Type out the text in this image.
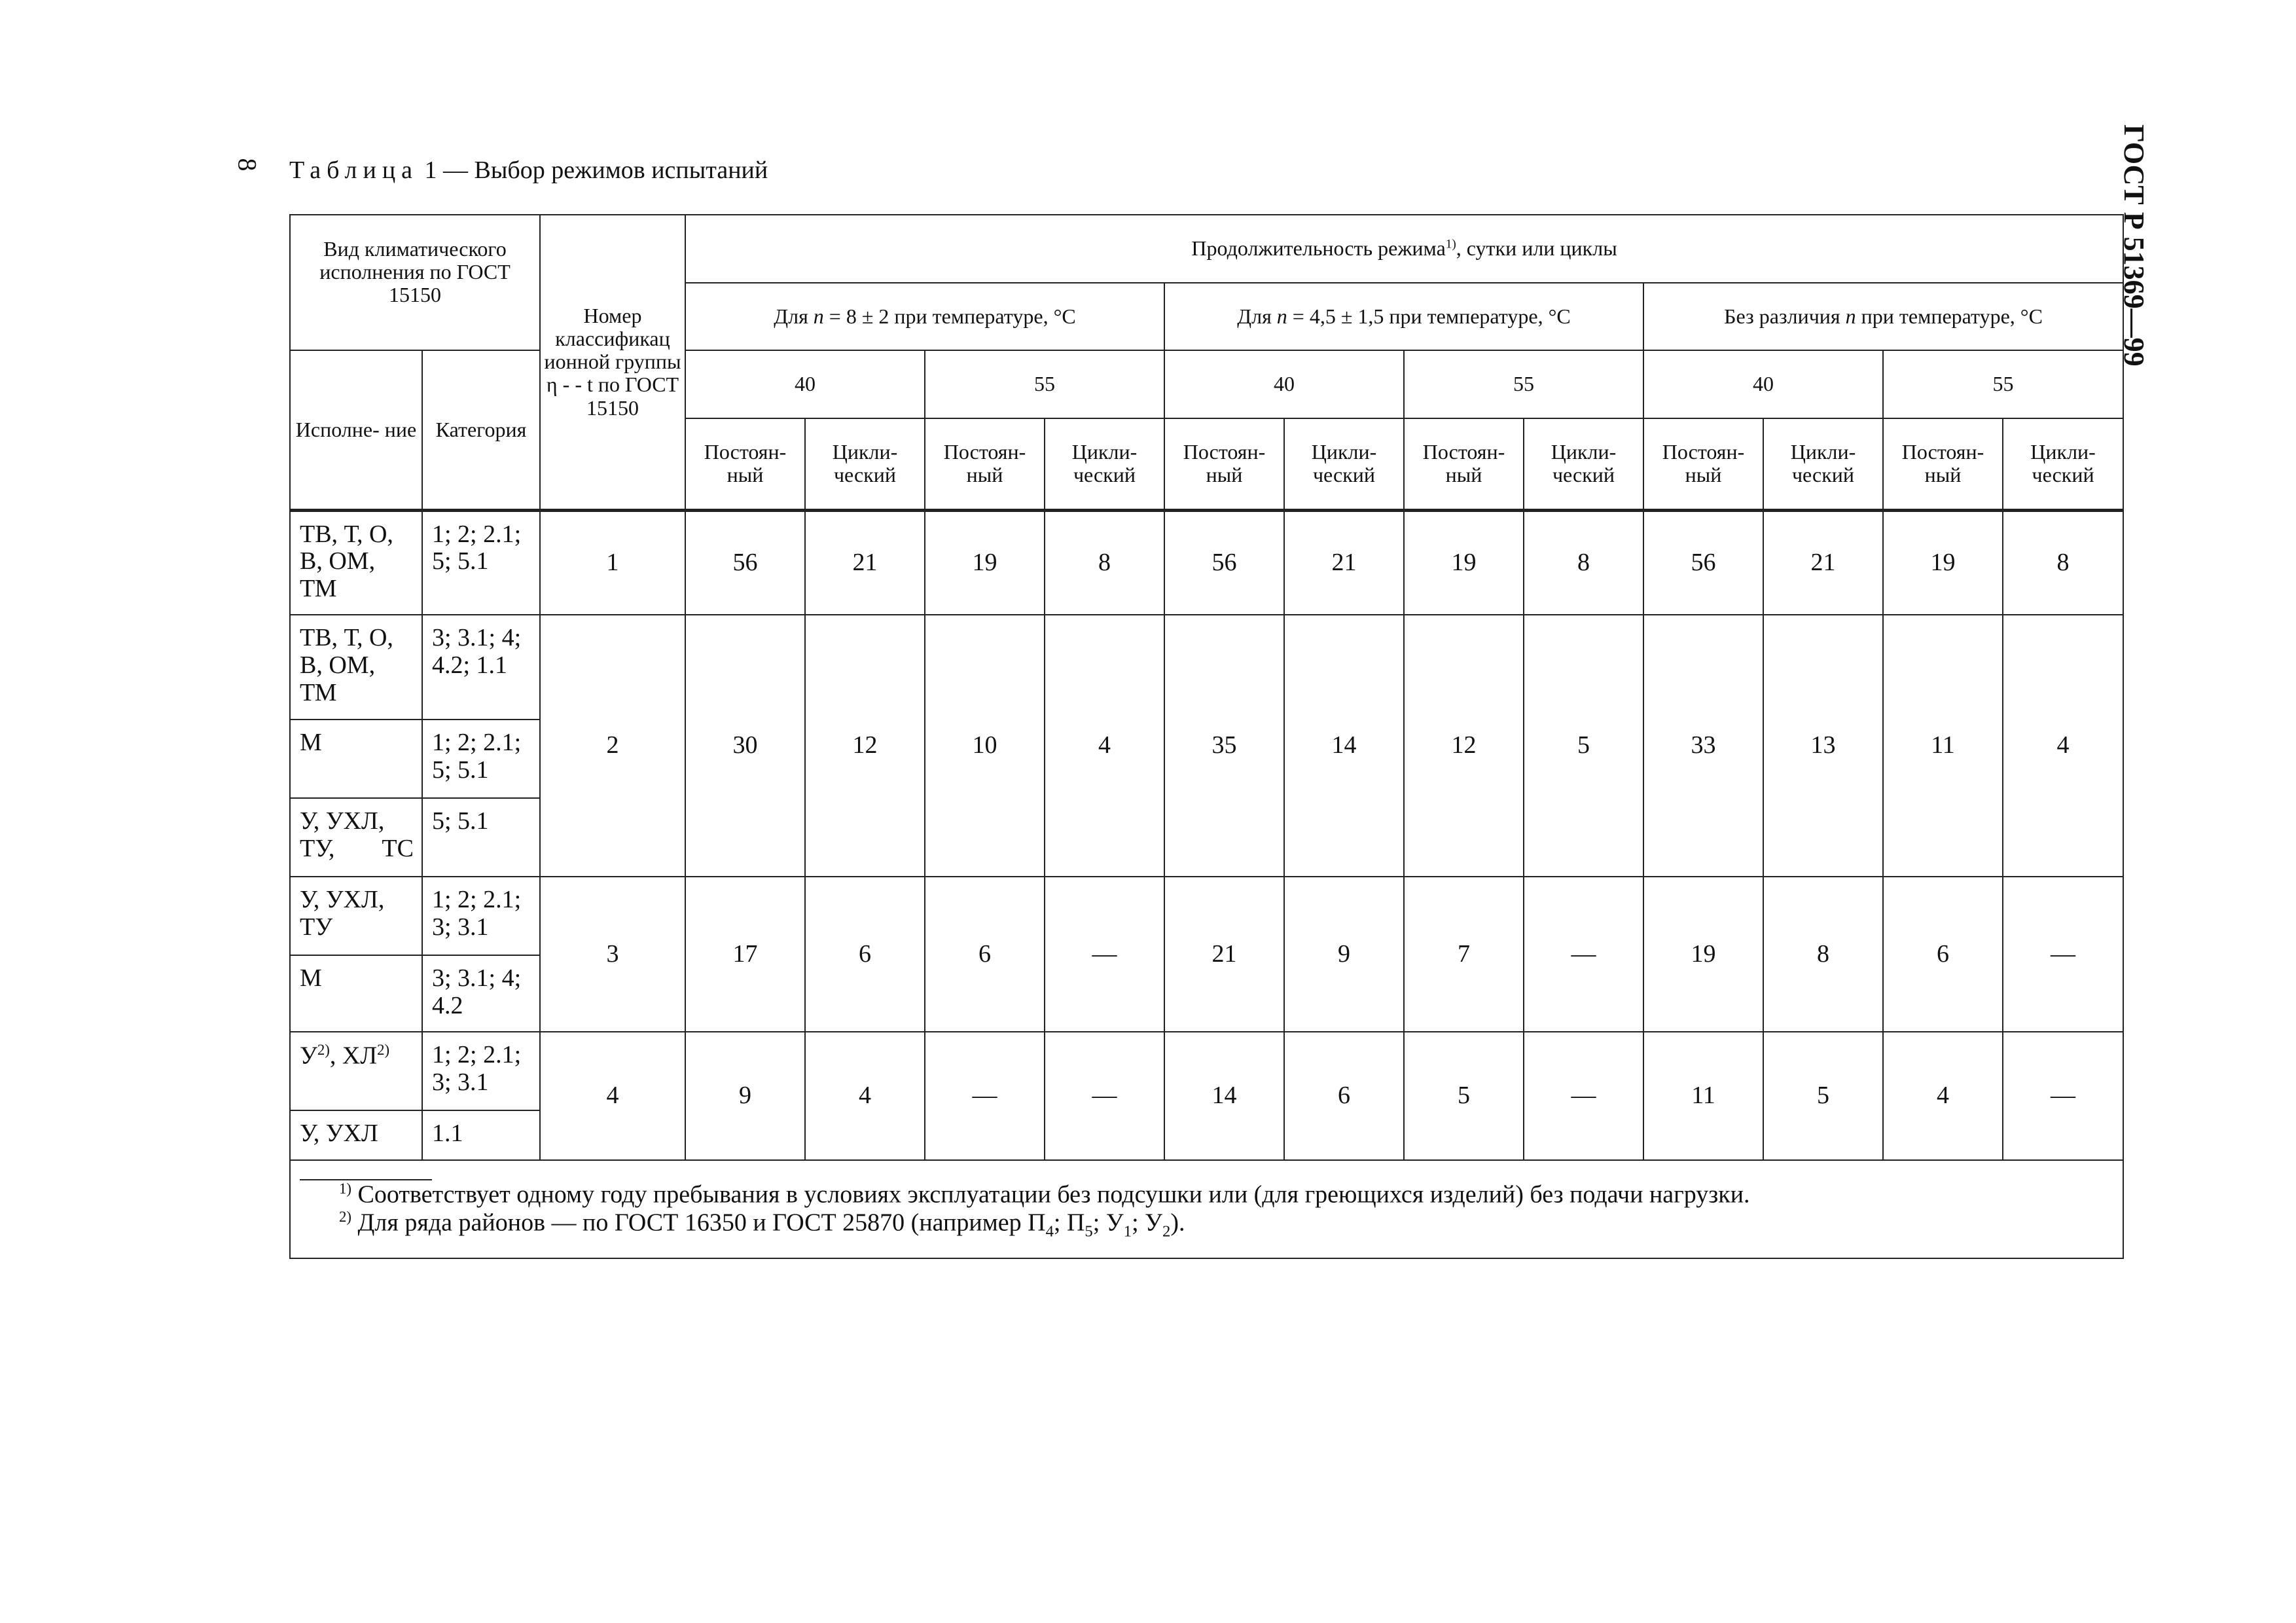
8 Таблица 1 — Выбор режимов испытаний	ГОСТ Р 51369—99
Вид климатического исполнения по ГОСТ 15150		Номер классификац ионной группы η - - t по ГОСТ 15150	Продолжительность режима$^{1)}$, сутки или циклы											
			Для n = 8 ± 2 при температуре, °C				Для n = 4,5 ± 1,5 при температуре, °C				Без различия n при температуре, °C			
Исполне- ние	Категория		40		55		40		55		40		55	
			Постоян- ный	Цикли- ческий	Постоян- ный	Цикли- ческий	Постоян- ный	Цикли- ческий	Постоян- ный	Цикли- ческий	Постоян- ный	Цикли- ческий	Постоян- ный	Цикли- ческий
ТВ, Т, О, В, ОМ, ТМ	1; 2; 2.1; 5; 5.1	1	56	21	19	8	56	21	19	8	56	21	19	8
ТВ, Т, О, В, ОМ, ТМ	3; 3.1; 4; 4.2; 1.1	2	30	12	10	4	35	14	12	5	33	13	11	4
М	1; 2; 2.1; 5; 5.1													
У, УХЛ, ТУ, ТС	5; 5.1													
У, УХЛ, ТУ	1; 2; 2.1; 3; 3.1	3	17	6	6	—	21	9	7	—	19	8	6	—
М	3; 3.1; 4; 4.2													
$У^{2)}$, ХЛ$^{2)}$	1; 2; 2.1; 3; 3.1	4	9	4	—	—	14	6	5	—	11	5	4	—
У, УХЛ	1.1													

$^{1)}$ Соответствует одному году пребывания в условиях эксплуатации без подсушки или (для греющихся изделий) без подачи нагрузки.
$^{2)}$ Для ряда районов — по ГОСТ 16350 и ГОСТ 25870 (например $П_4$; $П_5$; $У_1$; $У_2$).														
